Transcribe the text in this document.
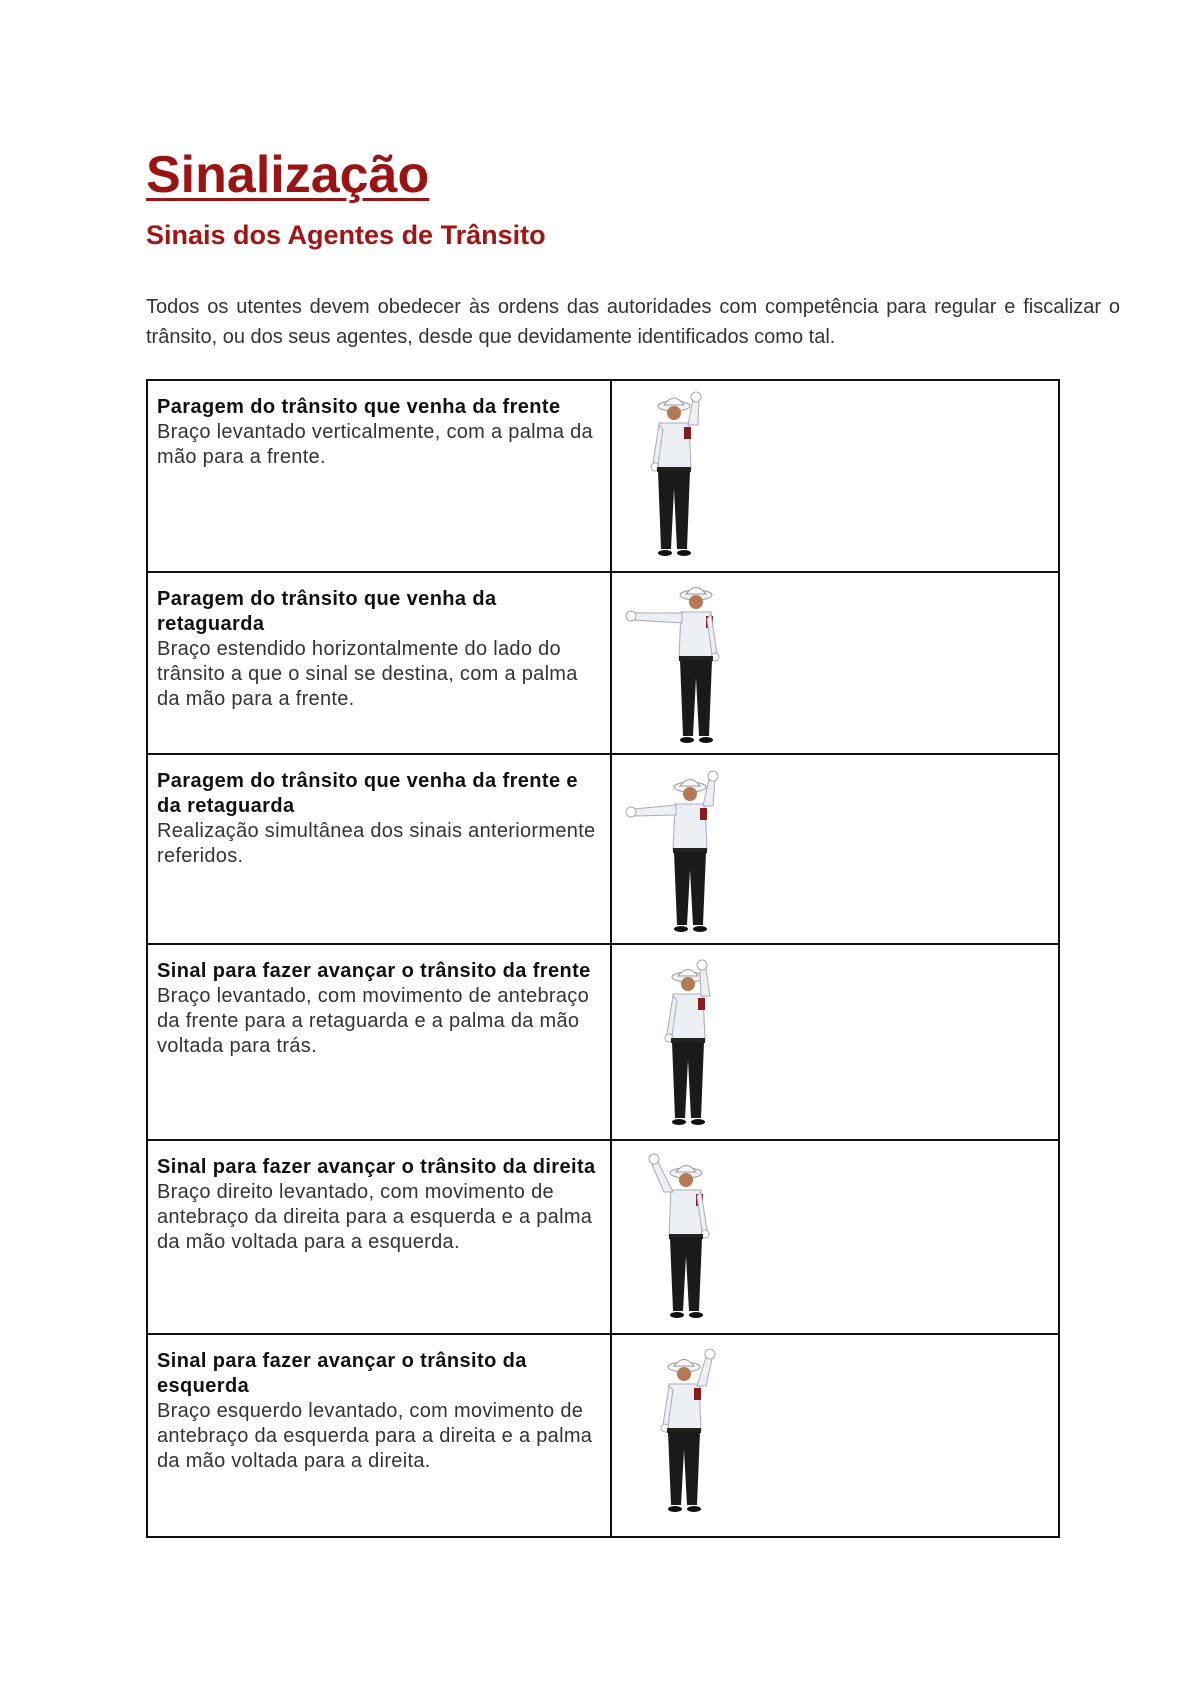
Sinalização
Sinais dos Agentes de Trânsito

Todos os utentes devem obedecer às ordens das autoridades com competência para regular e fiscalizar o trânsito, ou dos seus agentes, desde que devidamente identificados como tal.

Paragem do trânsito que venha da frente
Braço levantado verticalmente, com a palma da mão para a frente.

Paragem do trânsito que venha da retaguarda
Braço estendido horizontalmente do lado do trânsito a que o sinal se destina, com a palma da mão para a frente.

Paragem do trânsito que venha da frente e da retaguarda
Realização simultânea dos sinais anteriormente referidos.

Sinal para fazer avançar o trânsito da frente
Braço levantado, com movimento de antebraço da frente para a retaguarda e a palma da mão voltada para trás.

Sinal para fazer avançar o trânsito da direita
Braço direito levantado, com movimento de antebraço da direita para a esquerda e a palma da mão voltada para a esquerda.

Sinal para fazer avançar o trânsito da esquerda
Braço esquerdo levantado, com movimento de antebraço da esquerda para a direita e a palma da mão voltada para a direita.
